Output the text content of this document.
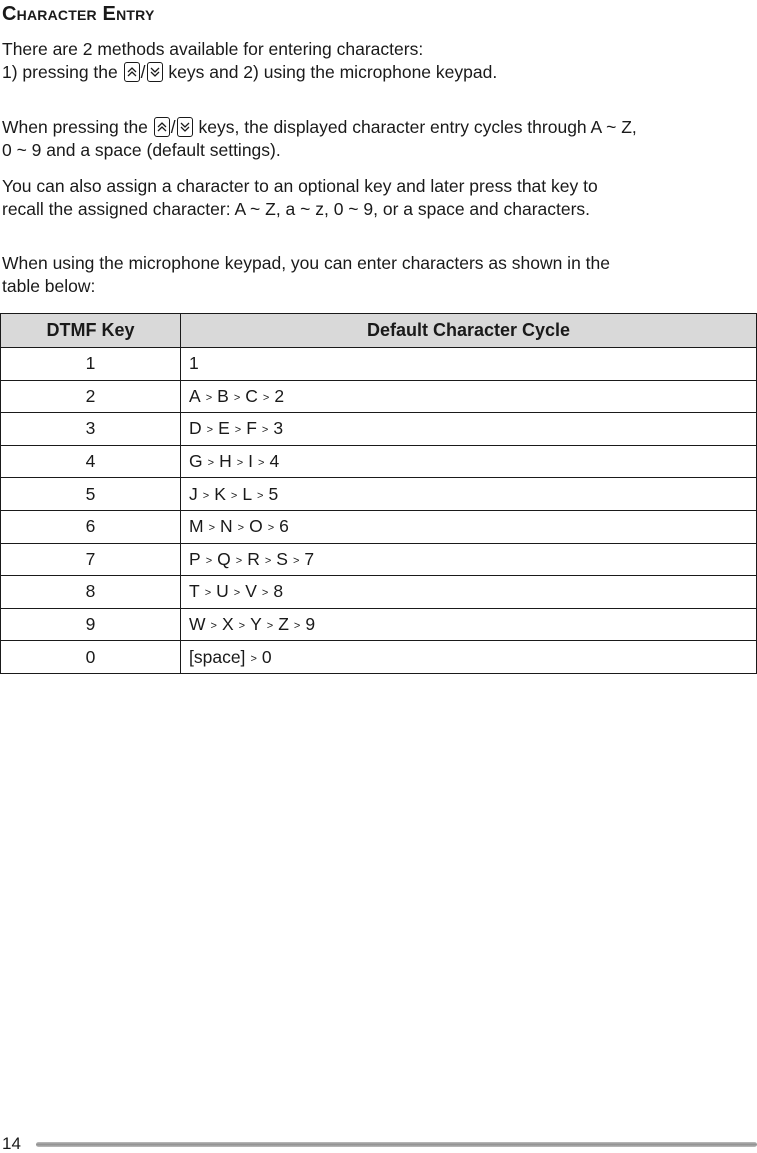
Character Entry
There are 2 methods available for entering characters:
1) pressing the / keys and 2) using the microphone keypad.
When pressing the / keys, the displayed character entry cycles through A ~ Z,
0 ~ 9 and a space (default settings).
You can also assign a character to an optional key and later press that key to
recall the assigned character: A ~ Z, a ~ z, 0 ~ 9, or a space and characters.
When using the microphone keypad, you can enter characters as shown in the
table below:
DTMF Key	Default Character Cycle
1	1
2	A > B > C > 2
3	D > E > F > 3
4	G > H > I > 4
5	J > K > L > 5
6	M > N > O > 6
7	P > Q > R > S > 7
8	T > U > V > 8
9	W > X > Y > Z > 9
0	[space] > 0
14
